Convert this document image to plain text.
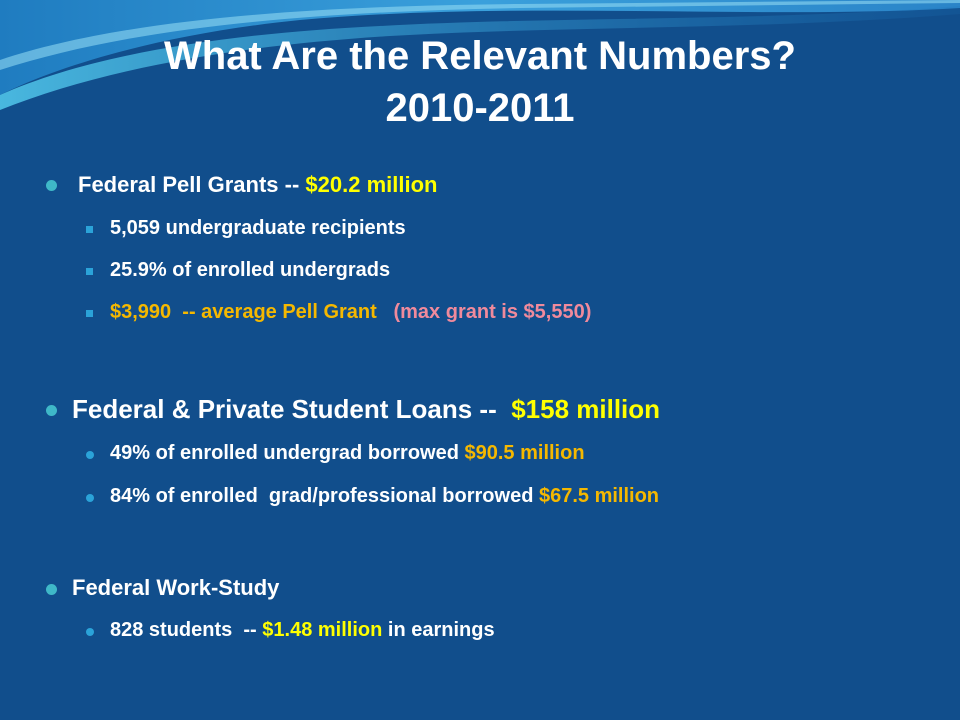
What Are the Relevant Numbers?
2010-2011
Federal Pell Grants -- $20.2 million
5,059 undergraduate recipients
25.9% of enrolled undergrads
$3,990  -- average Pell Grant (max grant is $5,550)
Federal & Private Student Loans --  $158 million
49% of enrolled undergrad borrowed $90.5 million
84% of enrolled  grad/professional borrowed $67.5 million
Federal Work-Study
828 students  -- $1.48 million in earnings
